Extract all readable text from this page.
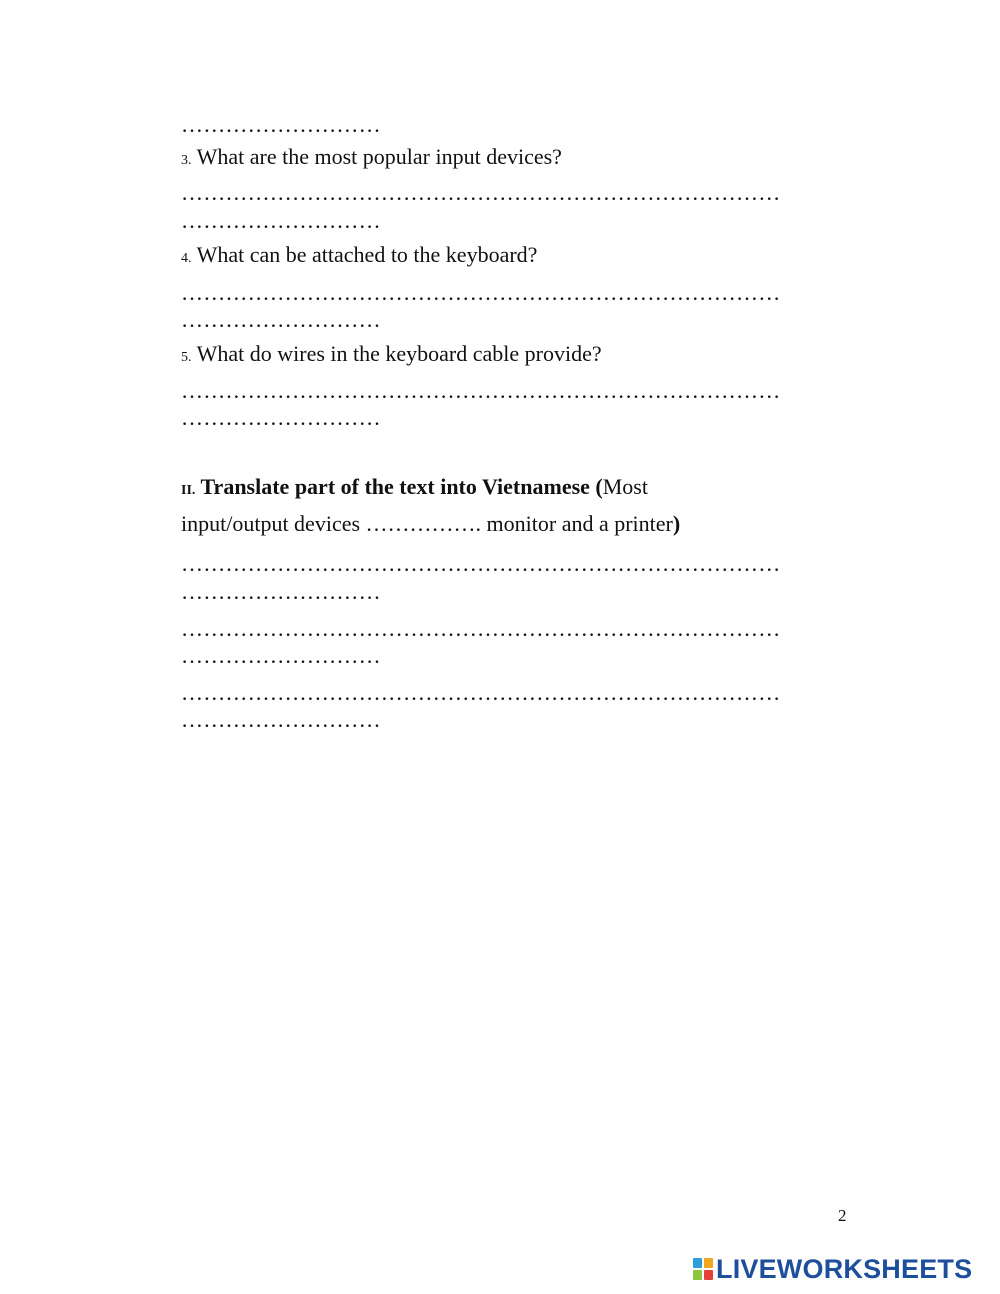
………………………
3. What are the most popular input devices?
………………………………………………………………………
………………………
4. What can be attached to the keyboard?
………………………………………………………………………
………………………
5. What do wires in the keyboard cable provide?
………………………………………………………………………
………………………
II. Translate part of the text into Vietnamese (Most
input/output devices ……………. monitor and a printer)
………………………………………………………………………
………………………
………………………………………………………………………
………………………
………………………………………………………………………
………………………
2
LIVEWORKSHEETS
